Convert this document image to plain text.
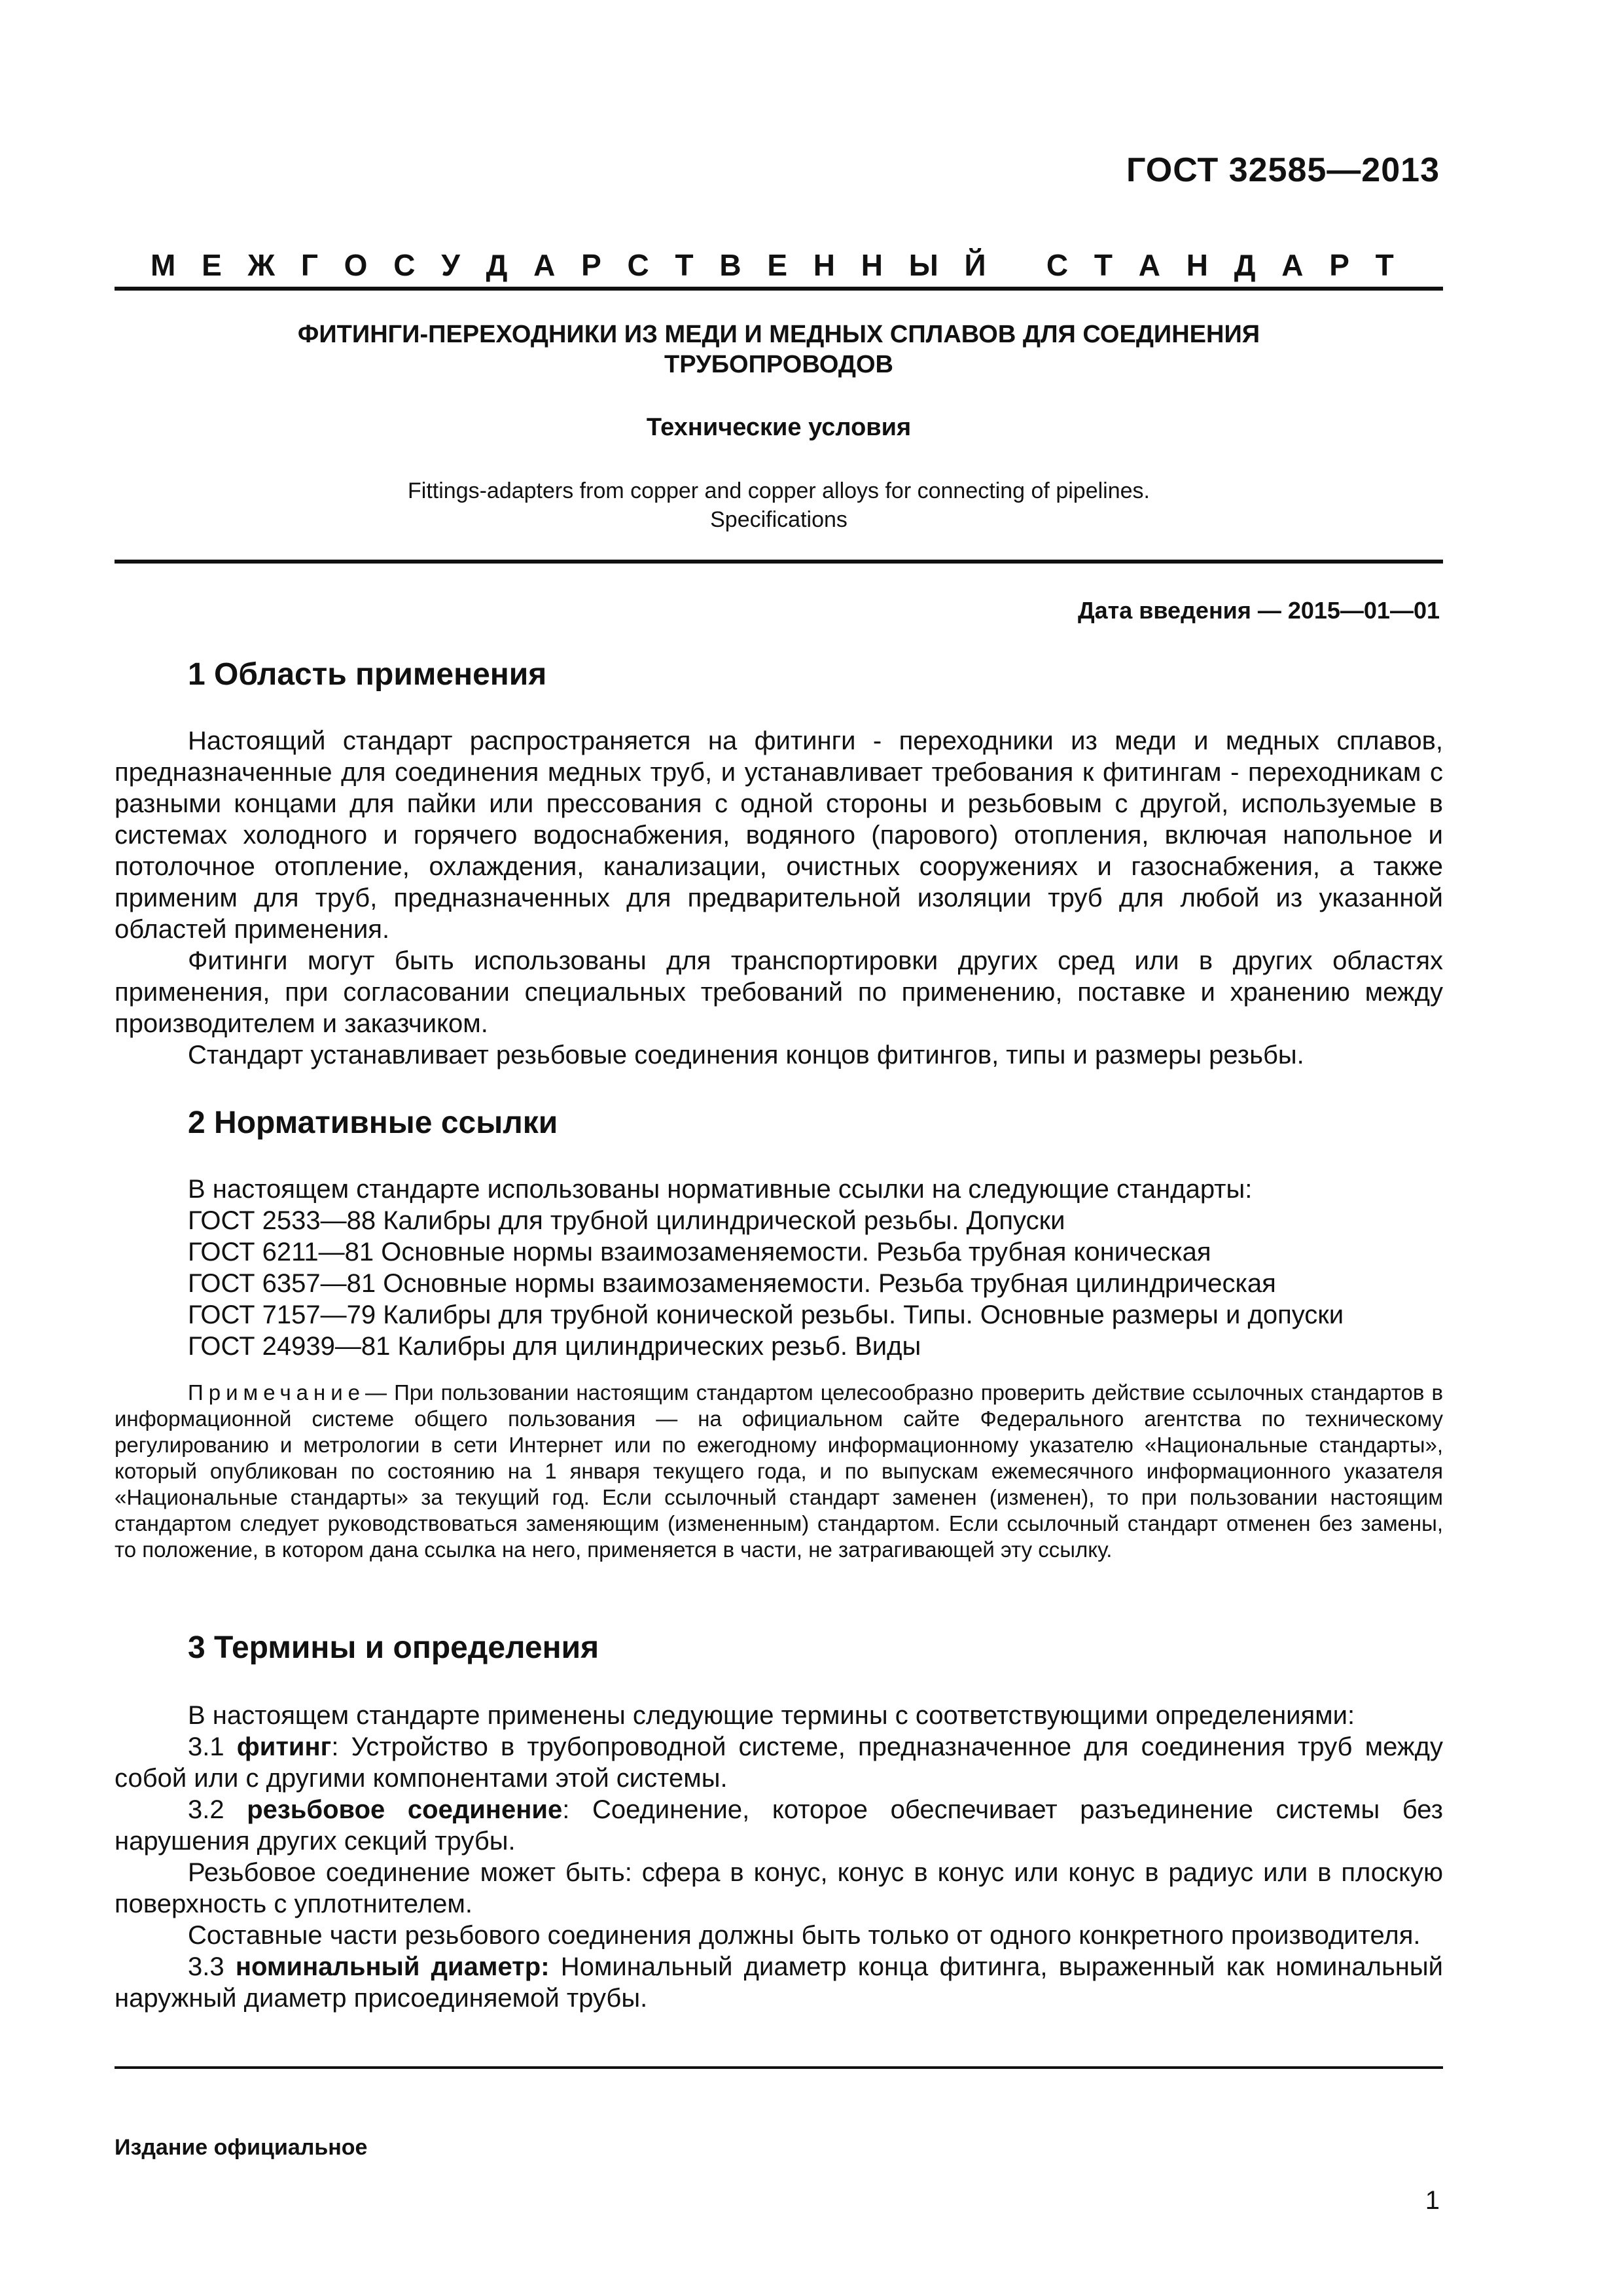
ГОСТ 32585—2013
М Е Ж Г О С У Д А Р С Т В Е Н Н Ы Й
С Т А Н Д А Р Т
ФИТИНГИ-ПЕРЕХОДНИКИ ИЗ МЕДИ И МЕДНЫХ СПЛАВОВ ДЛЯ СОЕДИНЕНИЯ
ТРУБОПРОВОДОВ
Технические условия
Fittings-adapters from copper and copper alloys for connecting of pipelines.
Specifications
Дата введения — 2015—01—01
1 Область применения

Настоящий стандарт распространяется на фитинги - переходники из меди и медных сплавов, предназначенные для соединения медных труб, и устанавливает требования к фитингам - переходникам с разными концами для пайки или прессования с одной стороны и резьбовым с другой, используемые в системах холодного и горячего водоснабжения, водяного (парового) отопления, включая напольное и потолочное отопление, охлаждения, канализации, очистных сооружениях и газоснабжения, а также применим для труб, предназначенных для предварительной изоляции труб для любой из указанной областей применения.

Фитинги могут быть использованы для транспортировки других сред или в других областях применения, при согласовании специальных требований по применению, поставке и хранению между производителем и заказчиком.

Стандарт устанавливает резьбовые соединения концов фитингов, типы и размеры резьбы.

2 Нормативные ссылки
В настоящем стандарте использованы нормативные ссылки на следующие стандарты:
ГОСТ 2533—88 Калибры для трубной цилиндрической резьбы. Допуски
ГОСТ 6211—81 Основные нормы взаимозаменяемости. Резьба трубная коническая
ГОСТ 6357—81 Основные нормы взаимозаменяемости. Резьба трубная цилиндрическая
ГОСТ 7157—79 Калибры для трубной конической резьбы. Типы. Основные размеры и допуски
ГОСТ 24939—81 Калибры для цилиндрических резьб. Виды
Примечание— При пользовании настоящим стандартом целесообразно проверить действие ссылочных стандартов в информационной системе общего пользования — на официальном сайте Федерального агентства по техническому регулированию и метрологии в сети Интернет или по ежегодному информационному указателю «Национальные стандарты», который опубликован по состоянию на 1 января текущего года, и по выпускам ежемесячного информационного указателя «Национальные стандарты» за текущий год. Если ссылочный стандарт заменен (изменен), то при пользовании настоящим стандартом следует руководствоваться заменяющим (измененным) стандартом. Если ссылочный стандарт отменен без замены, то положение, в котором дана ссылка на него, применяется в части, не затрагивающей эту ссылку.
3 Термины и определения

В настоящем стандарте применены следующие термины с соответствующими определениями:

3.1 фитинг: Устройство в трубопроводной системе, предназначенное для соединения труб между собой или с другими компонентами этой системы.

3.2 резьбовое соединение: Соединение, которое обеспечивает разъединение системы без нарушения других секций трубы.

Резьбовое соединение может быть: сфера в конус, конус в конус или конус в радиус или в плоскую поверхность с уплотнителем.

Составные части резьбового соединения должны быть только от одного конкретного производителя.

3.3 номинальный диаметр: Номинальный диаметр конца фитинга, выраженный как номинальный наружный диаметр присоединяемой трубы.

Издание официальное
1
